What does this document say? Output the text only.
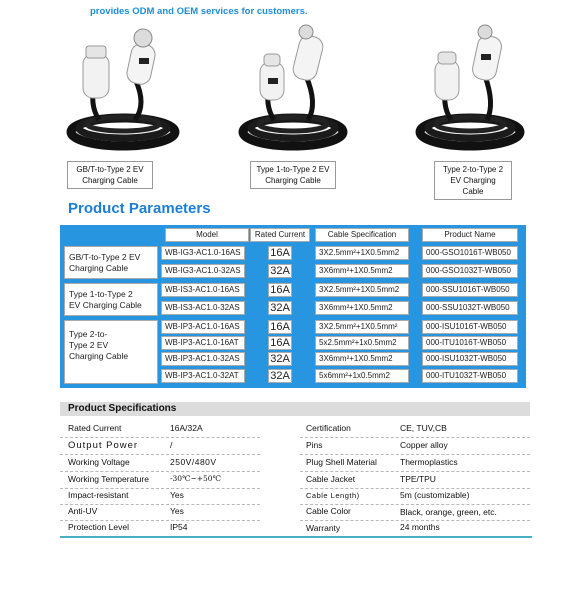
provides ODM and OEM services for customers.
GB/T-to-Type 2 EV
Charging Cable
Type 1-to-Type 2 EV
Charging Cable
Type 2-to-Type 2
EV Charging Cable
Product Parameters
Model	Rated Current	Cable Specification	Product Name
GB/T-to-Type 2 EV
Charging Cable
Type 1-to-Type 2
EV Charging Cable
Type 2-to-
Type 2 EV
Charging Cable
WB-IG3-AC1.0-16AS	16A	3X2.5mm²+1X0.5mm2	000-GSO1016T-WB050
WB-IG3-AC1.0-32AS	32A	3X6mm²+1X0.5mm2	000-GSO1032T-WB050
WB-IS3-AC1.0-16AS	16A	3X2.5mm²+1X0.5mm2	000-SSU1016T-WB050
WB-IS3-AC1.0-32AS	32A	3X6mm²+1X0.5mm2	000-SSU1032T-WB050
WB-IP3-AC1.0-16AS	16A	3X2.5mm²+1X0.5mm²	000-ISU1016T-WB050
WB-IP3-AC1.0-16AT	16A	5x2.5mm²+1x0.5mm2	000-ITU1016T-WB050
WB-IP3-AC1.0-32AS	32A	3X6mm²+1X0.5mm2	000-ISU1032T-WB050
WB-IP3-AC1.0-32AT	32A	5x6mm²+1x0.5mm2	000-ITU1032T-WB050
Product Specifications
Rated Current	16A/32A
Output Power	/
Working Voltage	250V/480V
Working Temperature	-30℃~+50℃
Impact-resistant	Yes
Anti-UV	Yes
Protection Level	IP54
Certification	CE, TUV,CB
Pins	Copper alloy
Plug Shell Material	Thermoplastics
Cable Jacket	TPE/TPU
Cable Length)	5m (customizable)
Cable Color	Black, orange, green, etc.
Warranty	24 months
